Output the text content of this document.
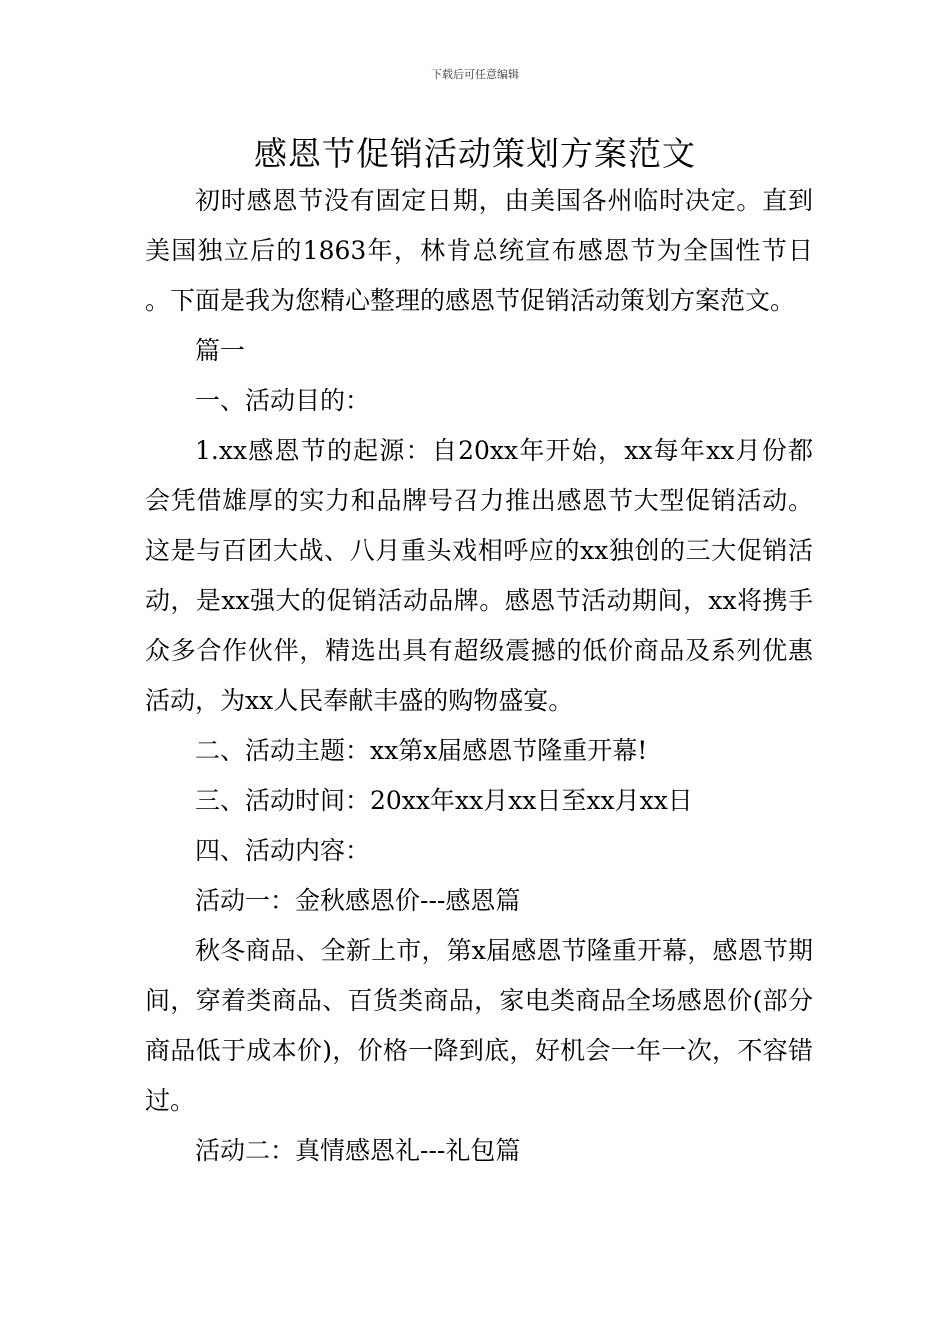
下载后可任意编辑
感恩节促销活动策划方案范文

初时感恩节没有固定日期，由美国各州临时决定。直到美国独立后的1863年，林肯总统宣布感恩节为全国性节日 。下面是我为您精心整理的感恩节促销活动策划方案范文。

篇一

一、活动目的：

1.xx感恩节的起源：自20xx年开始，xx每年xx月份都会凭借雄厚的实力和品牌号召力推出感恩节大型促销活动。这是与百团大战、八月重头戏相呼应的xx独创的三大促销活动，是xx强大的促销活动品牌。感恩节活动期间，xx将携手众多合作伙伴，精选出具有超级震撼的低价商品及系列优惠活动，为xx人民奉献丰盛的购物盛宴。

二、活动主题：xx第x届感恩节隆重开幕!

三、活动时间：20xx年xx月xx日至xx月xx日

四、活动内容：

活动一：金秋感恩价---感恩篇

秋冬商品、全新上市，第x届感恩节隆重开幕，感恩节期间，穿着类商品、百货类商品，家电类商品全场感恩价(部分商品低于成本价)，价格一降到底，好机会一年一次，不容错过。

活动二：真情感恩礼---礼包篇
